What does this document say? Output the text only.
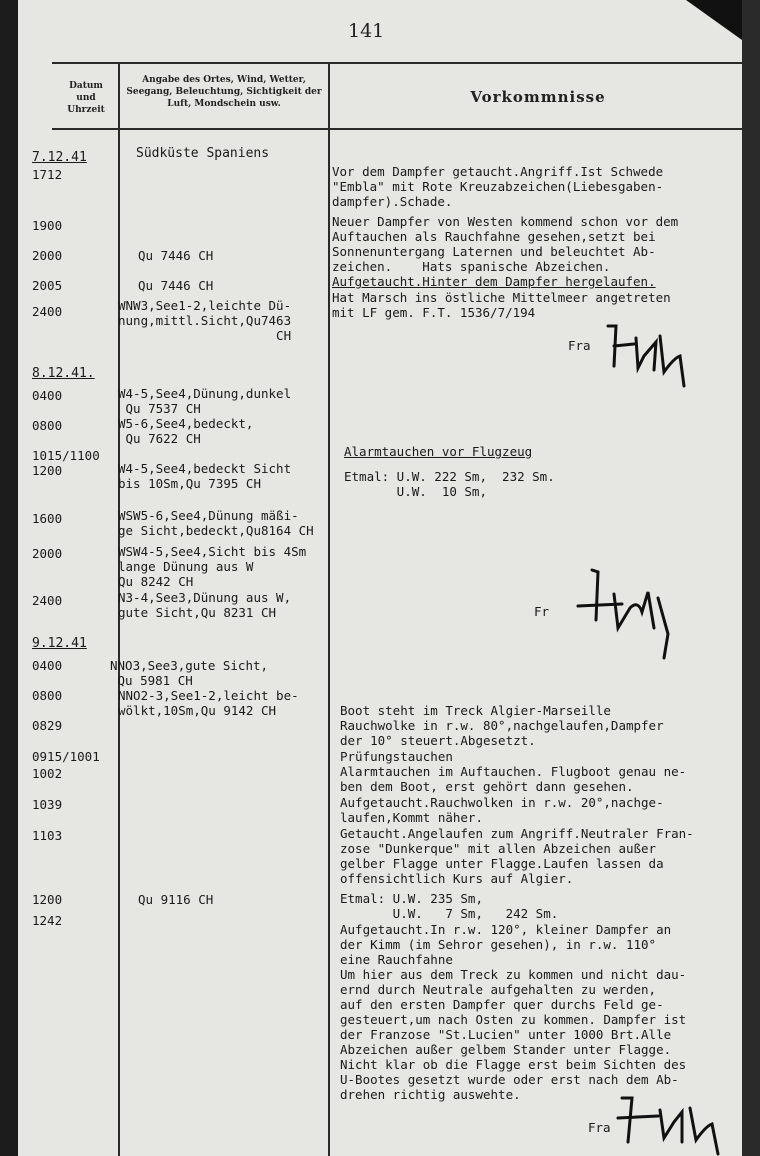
141
Datum und Uhrzeit
Angabe des Ortes, Wind, Wetter, Seegang, Beleuchtung, Sichtigkeit der Luft, Mondschein usw.	Vorkommnisse
7.12.41
1712
1900
2000
2005
2400
8.12.41.
0400
0800
1015/1100
1200
1600
2000
2400
9.12.41
0400
0800
0829
0915/1001
1002
1039
1103
1200
1242
Südküste Spaniens
Qu 7446 CH
Qu 7446 CH
WNW3,See1-2,leichte Dü-
nung,mittl.Sicht,Qu7463
CH
W4-5,See4,Dünung,dunkel
Qu 7537 CH
W5-6,See4,bedeckt,
Qu 7622 CH
W4-5,See4,bedeckt Sicht
bis 10Sm,Qu 7395 CH
WSW5-6,See4,Dünung mäßi-
ge Sicht,bedeckt,Qu8164 CH
WSW4-5,See4,Sicht bis 4Sm
lange Dünung aus W
Qu 8242 CH
N3-4,See3,Dünung aus W,
gute Sicht,Qu 8231 CH
NNO3,See3,gute Sicht,
Qu 5981 CH
NNO2-3,See1-2,leicht be-
wölkt,10Sm,Qu 9142 CH
Qu 9116 CH
Vor dem Dampfer getaucht.Angriff.Ist Schwede
"Embla" mit Rote Kreuzabzeichen(Liebesgaben-
dampfer).Schade.
Neuer Dampfer von Westen kommend schon vor dem
Auftauchen als Rauchfahne gesehen,setzt bei
Sonnenuntergang Laternen und beleuchtet Ab-
zeichen.    Hats spanische Abzeichen.
Aufgetaucht.Hinter dem Dampfer hergelaufen.
Hat Marsch ins östliche Mittelmeer angetreten
mit LF gem. F.T. 1536/7/194
Alarmtauchen vor Flugzeug
Etmal: U.W. 222 Sm,  232 Sm.
U.W.  10 Sm,
Boot steht im Treck Algier-Marseille
Rauchwolke in r.w. 80°,nachgelaufen,Dampfer
der 10° steuert.Abgesetzt.
Prüfungstauchen
Alarmtauchen im Auftauchen. Flugboot genau ne-
ben dem Boot, erst gehört dann gesehen.
Aufgetaucht.Rauchwolken in r.w. 20°,nachge-
laufen,Kommt näher.
Getaucht.Angelaufen zum Angriff.Neutraler Fran-
zose "Dunkerque" mit allen Abzeichen außer
gelber Flagge unter Flagge.Laufen lassen da
offensichtlich Kurs auf Algier.
Etmal: U.W. 235 Sm,
U.W.   7 Sm,   242 Sm.
Aufgetaucht.In r.w. 120°, kleiner Dampfer an
der Kimm (im Sehror gesehen), in r.w. 110°
eine Rauchfahne
Um hier aus dem Treck zu kommen und nicht dau-
ernd durch Neutrale aufgehalten zu werden,
auf den ersten Dampfer quer durchs Feld ge-
gesteuert,um nach Osten zu kommen. Dampfer ist
der Franzose "St.Lucien" unter 1000 Brt.Alle
Abzeichen außer gelbem Stander unter Flagge.
Nicht klar ob die Flagge erst beim Sichten des
U-Bootes gesetzt wurde oder erst nach dem Ab-
drehen richtig auswehte.
Fra
Fr
Fra
